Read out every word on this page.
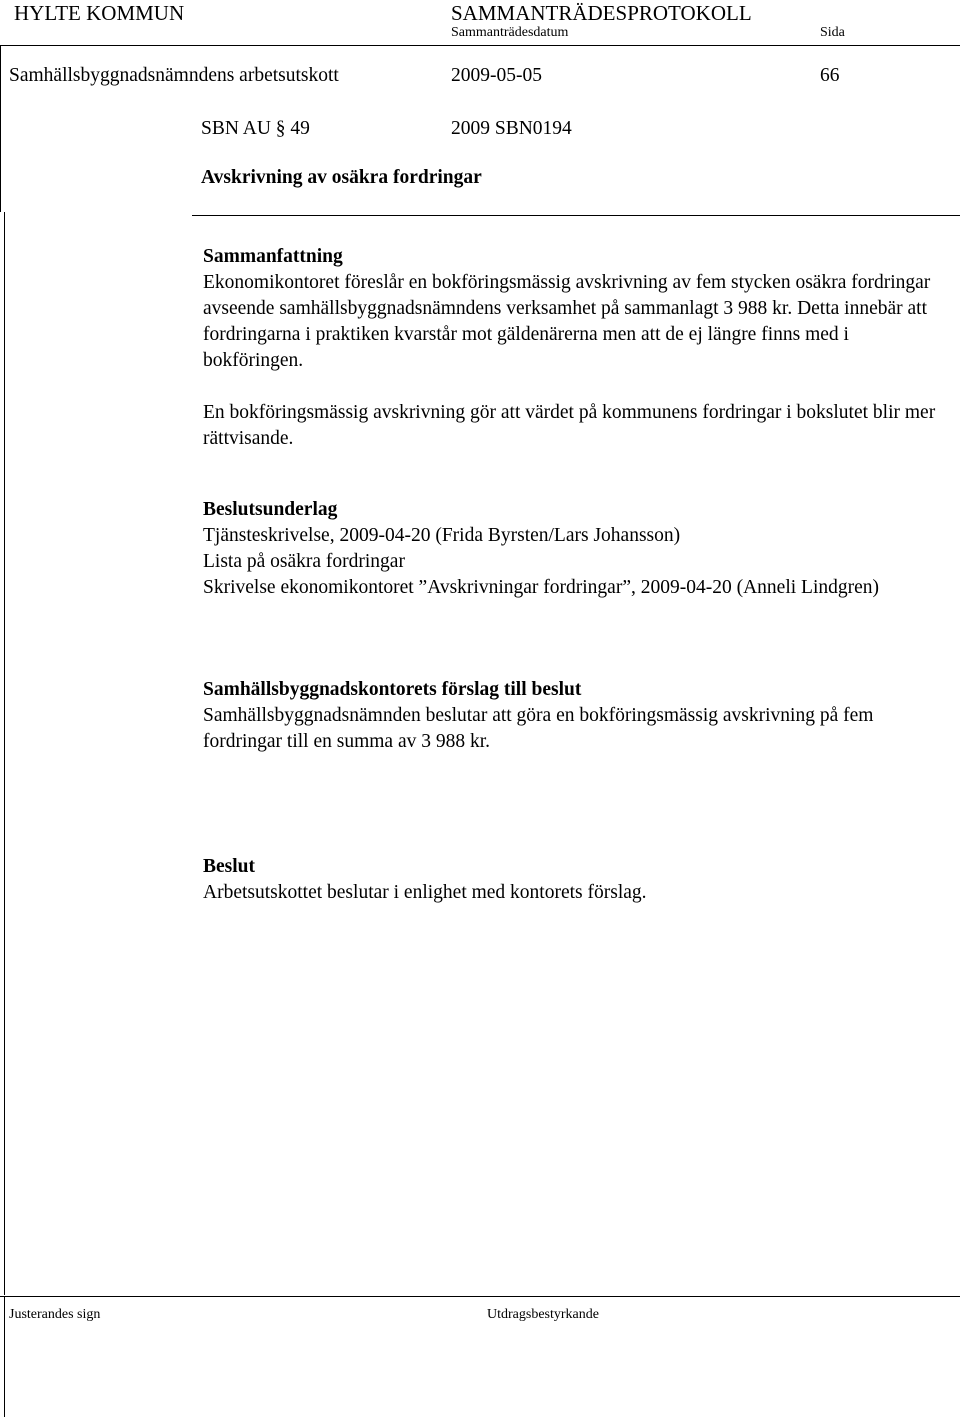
HYLTE KOMMUN	SAMMANTRÄDESPROTOKOLL
Sammanträdesdatum	Sida
Samhällsbyggnadsnämndens arbetsutskott	2009-05-05	66
SBN AU § 49	2009 SBN0194
Avskrivning av osäkra fordringar

Sammanfattning

Ekonomikontoret föreslår en bokföringsmässig avskrivning av fem stycken osäkra fordringar avseende samhällsbyggnadsnämndens verksamhet på sammanlagt 3 988 kr. Detta innebär att fordringarna i praktiken kvarstår mot gäldenärerna men att de ej längre finns med i bokföringen.

En bokföringsmässig avskrivning gör att värdet på kommunens fordringar i bokslutet blir mer rättvisande.

Beslutsunderlag

Tjänsteskrivelse, 2009-04-20 (Frida Byrsten/Lars Johansson)

Lista på osäkra fordringar

Skrivelse ekonomikontoret ”Avskrivningar fordringar”, 2009-04-20 (Anneli Lindgren)

Samhällsbyggnadskontorets förslag till beslut

Samhällsbyggnadsnämnden beslutar att göra en bokföringsmässig avskrivning på fem fordringar till en summa av 3 988 kr.

Beslut

Arbetsutskottet beslutar i enlighet med kontorets förslag.

Justerandes sign	Utdragsbestyrkande
